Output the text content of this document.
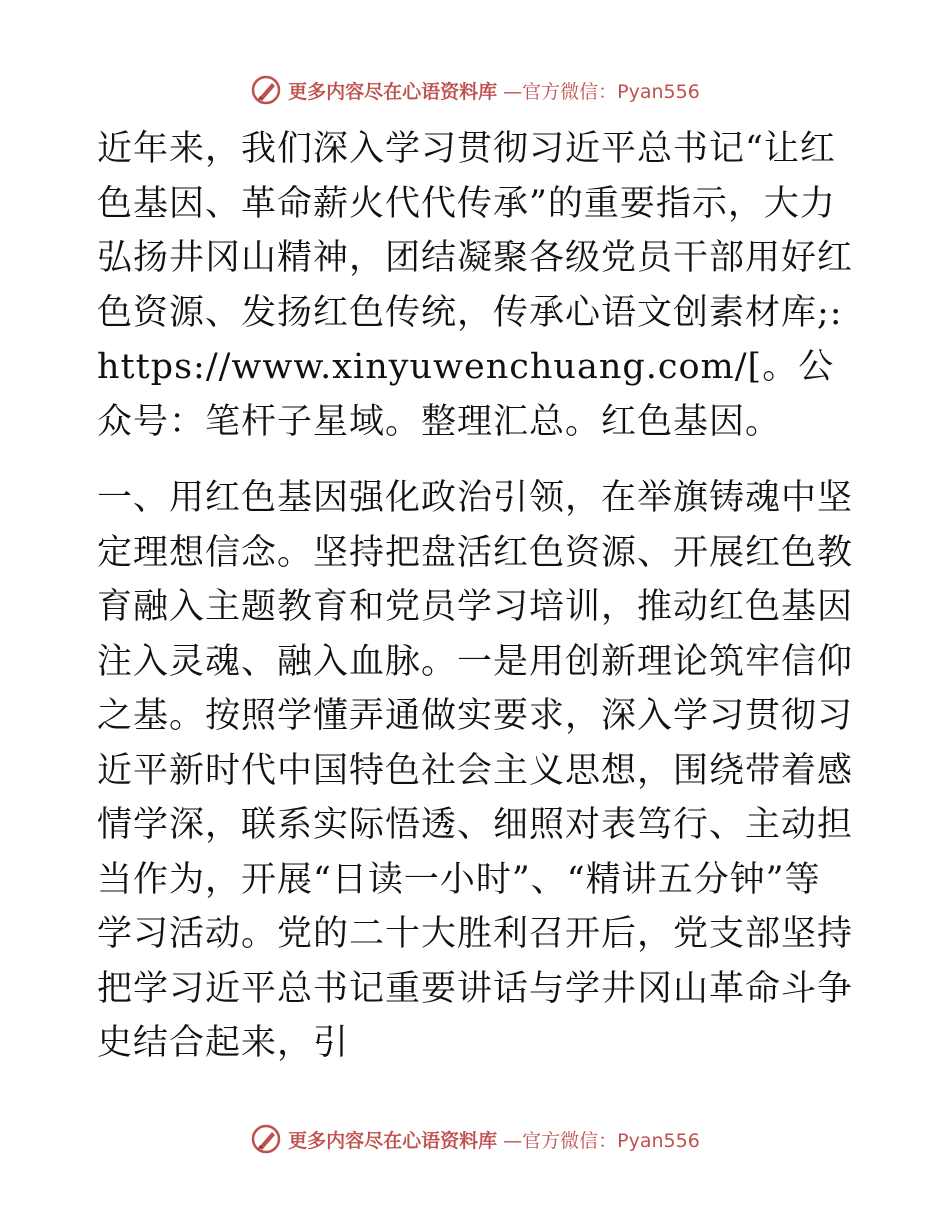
更多内容尽在心语资料库 —官方微信：Pyan556

近年来，我们深入学习贯彻习近平总书记“让红色基因、革命薪火代代传承”的重要指示，大力弘扬井冈山精神，团结凝聚各级党员干部用好红色资源、发扬红色传统，传承心语文创素材库;:https://www.xinyuwenchuang.com/[。公众号：笔杆子星域。整理汇总。红色基因。

一、用红色基因强化政治引领，在举旗铸魂中坚定理想信念。坚持把盘活红色资源、开展红色教育融入主题教育和党员学习培训，推动红色基因注入灵魂、融入血脉。一是用创新理论筑牢信仰之基。按照学懂弄通做实要求，深入学习贯彻习近平新时代中国特色社会主义思想，围绕带着感情学深，联系实际悟透、细照对表笃行、主动担当作为，开展“日读一小时”、“精讲五分钟”等学习活动。党的二十大胜利召开后，党支部坚持把学习近平总书记重要讲话与学井冈山革命斗争史结合起来，引

更多内容尽在心语资料库 —官方微信：Pyan556
